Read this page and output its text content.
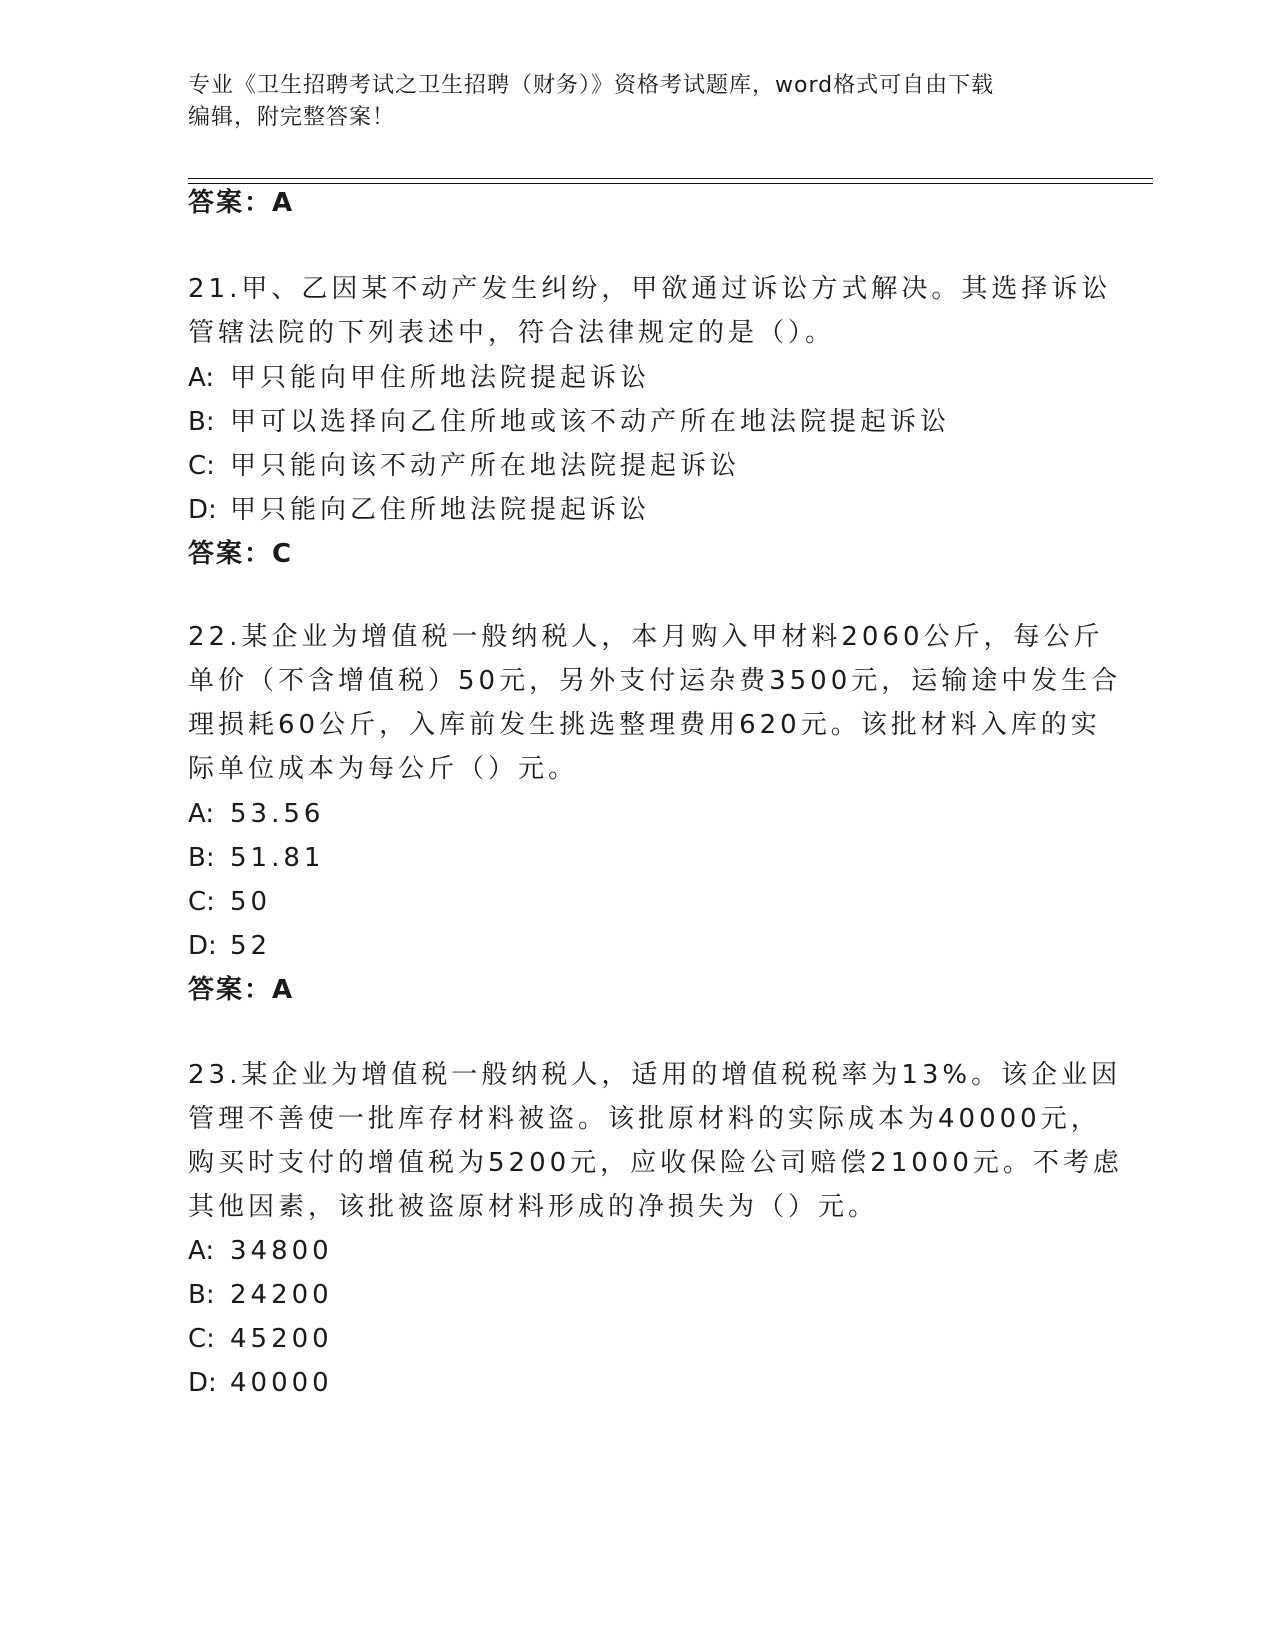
专业《卫生招聘考试之卫生招聘（财务）》资格考试题库，word格式可自由下载
编辑，附完整答案！
答案：A
21.甲、乙因某不动产发生纠纷，甲欲通过诉讼方式解决。其选择诉讼
管辖法院的下列表述中，符合法律规定的是（）。
A: 甲只能向甲住所地法院提起诉讼
B: 甲可以选择向乙住所地或该不动产所在地法院提起诉讼
C: 甲只能向该不动产所在地法院提起诉讼
D: 甲只能向乙住所地法院提起诉讼
答案：C
22.某企业为增值税一般纳税人，本月购入甲材料2060公斤，每公斤
单价（不含增值税）50元，另外支付运杂费3500元，运输途中发生合
理损耗60公斤，入库前发生挑选整理费用620元。该批材料入库的实
际单位成本为每公斤（）元。
A: 53.56
B: 51.81
C: 50
D: 52
答案：A
23.某企业为增值税一般纳税人，适用的增值税税率为13%。该企业因
管理不善使一批库存材料被盗。该批原材料的实际成本为40000元，
购买时支付的增值税为5200元，应收保险公司赔偿21000元。不考虑
其他因素，该批被盗原材料形成的净损失为（）元。
A: 34800
B: 24200
C: 45200
D: 40000
